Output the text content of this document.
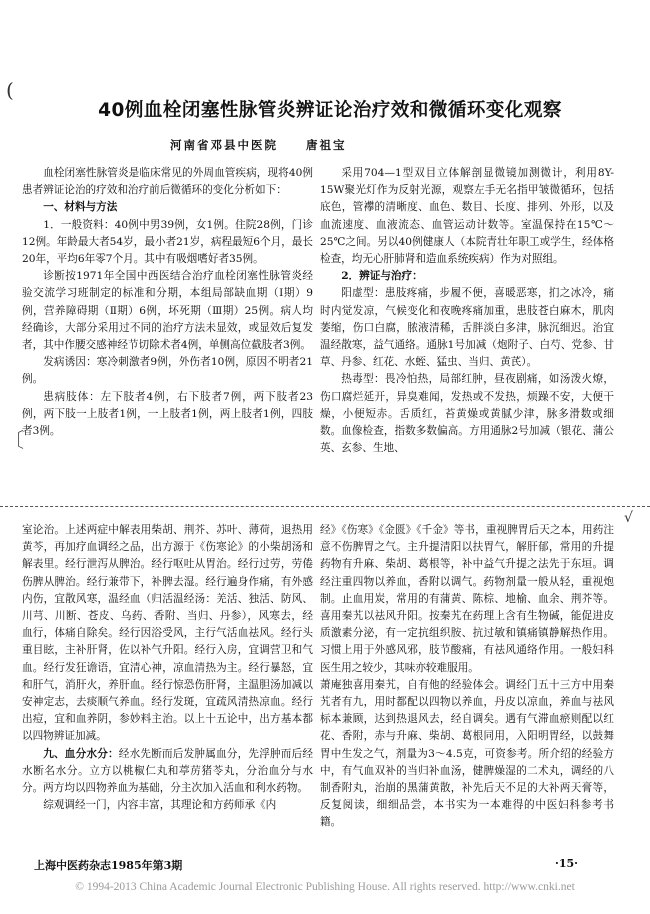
(
〔
√
40例血栓闭塞性脉管炎辨证论治疗效和微循环变化观察
河南省邓县中医院 唐祖宝

血栓闭塞性脉管炎是临床常见的外周血管疾病，现将40例患者辨证论治的疗效和治疗前后微循环的变化分析如下：

一、材料与方法

1．一般资料：40例中男39例，女1例。住院28例，门诊12例。年龄最大者54岁，最小者21岁，病程最短6个月，最长20年，平均6年零7个月。其中有吸烟嗜好者35例。

诊断按1971年全国中西医结合治疗血栓闭塞性脉管炎经验交流学习班制定的标准和分期，本组局部缺血期（Ⅰ期）9例，营养障碍期（Ⅱ期）6例，坏死期（Ⅲ期）25例。病人均经确诊，大部分采用过不同的治疗方法未显效，或显效后复发者，其中作腰交感神经节切除术者4例，单侧高位截肢者3例。

发病诱因：寒冷刺激者9例，外伤者10例，原因不明者21例。

患病肢体：左下肢者4例，右下肢者7例，两下肢者23例，两下肢一上肢者1例，一上肢者1例，两上肢者1例，四肢者3例。

采用704—1型双目立体解剖显微镜加测微计，利用8Y-15W聚光灯作为反射光源，观察左手无名指甲皱微循环，包括底色，管襻的清晰度、血色、数目、长度、排列、外形，以及血流速度、血液流态、血管运动计数等。室温保持在15℃～25℃之间。另以40例健康人（本院青壮年职工或学生，经体格检查，均无心肝肺肾和造血系统疾病）作为对照组。

2．辨证与治疗：

阳虚型：患肢疼痛，步履不便，喜暖恶寒，扪之冰冷，痛时内觉发凉，气候变化和夜晚疼痛加重，患肢苍白麻木，肌肉萎缩，伤口白腐，脓液清稀，舌胖淡白多津，脉沉细迟。治宜温经散寒，益气通络。通脉1号加减（炮附子、白芍、党参、甘草、丹参、红花、水蛭、猛虫、当归、黄芪）。

热毒型：畏冷怕热，局部红肿，昼夜剧痛，如汤泼火燎，伤口腐烂延开，异臭难闻，发热或不发热，烦躁不安，大便干燥，小便短赤。舌质红，苔黄燥或黄腻少津，脉多滑数或细数。血像检查，指数多数偏高。方用通脉2号加减（银花、蒲公英、玄参、生地、

室论治。上述两症中解表用柴胡、荆芥、苏叶、薄荷，退热用黄芩，再加疗血调经之品，出方源于《伤寒论》的小柴胡汤和解表里。经行泄泻从脾治。经行呕吐从胃治。经行过劳，劳倦伤脾从脾治。经行兼带下，补脾去湿。经行遍身作痛，有外感内伤，宜散风寒，温经血（归活温经汤：羌活、独活、防风、川芎、川断、苍皮、乌药、香附、当归、丹参），风寒去，经血行，体痛自除矣。经行因浴受风，主行气活血祛风。经行头重目眩，主补肝肾，佐以补气升阳。经行入房，宜调营卫和气血。经行发狂谵语，宜清心神，凉血清热为主。经行暴怒，宜和肝气，消肝火，养肝血。经行惊恐伤肝肾，主温胆汤加减以安神定志，去痰顺气养血。经行发斑，宜疏风清热凉血。经行出痘，宜和血养阴，参妙料主治。以上十五论中，出方基本都以四物辨证加减。

九、血分水分：经水先断而后发肿属血分，先浮肿而后经水断名水分。立方以桃椒仁丸和葶苈猪苓丸，分治血分与水分。两方均以四物养血为基础，分主次加入活血和利水药物。

综观调经一门，内容丰富，其理论和方药师承《内

经》《伤寒》《金匮》《千金》等书，重视脾胃后天之本，用药注意不伤脾胃之气。主升提清阳以扶胃气，解肝郁，常用的升提药物有升麻、柴胡、葛根等，补中益气升提之法先于东垣。调经注重四物以养血，香附以调气。药物剂量一般从轻，重视炮制。止血用炭，常用的有蒲黄、陈棕、地榆、血余、荆芥等。喜用秦艽以祛风升阳。按秦艽在药理上含有生物碱，能促进皮质激素分泌，有一定抗组织胺、抗过敏和镇痛镇静解热作用。习惯上用于外感风邪，肢节酸痛，有祛风通络作用。一般妇科医生用之较少，其味亦较难服用。

萧庵独喜用秦艽，自有他的经验体会。调经门五十三方中用秦艽者有九，用时都配以四物以养血，丹皮以凉血，养血与祛风标本兼顾，达到热退风去，经自调矣。遇有气滞血瘀则配以红花、香附，赤与升麻、柴胡、葛根同用，入阳明胃经，以鼓舞胃中生发之气，剂量为3～4.5克，可资参考。所介绍的经验方中，有气血双补的当归补血汤，健脾燥湿的二术丸，调经的八制香附丸，治崩的黑蒲黄散，补先后天不足的大补两天膏等，反复阅读，细细品尝，本书实为一本难得的中医妇科参考书籍。

上海中医药杂志1985年第3期	·15·
© 1994-2013 China Academic Journal Electronic Publishing House. All rights reserved. http://www.cnki.net
